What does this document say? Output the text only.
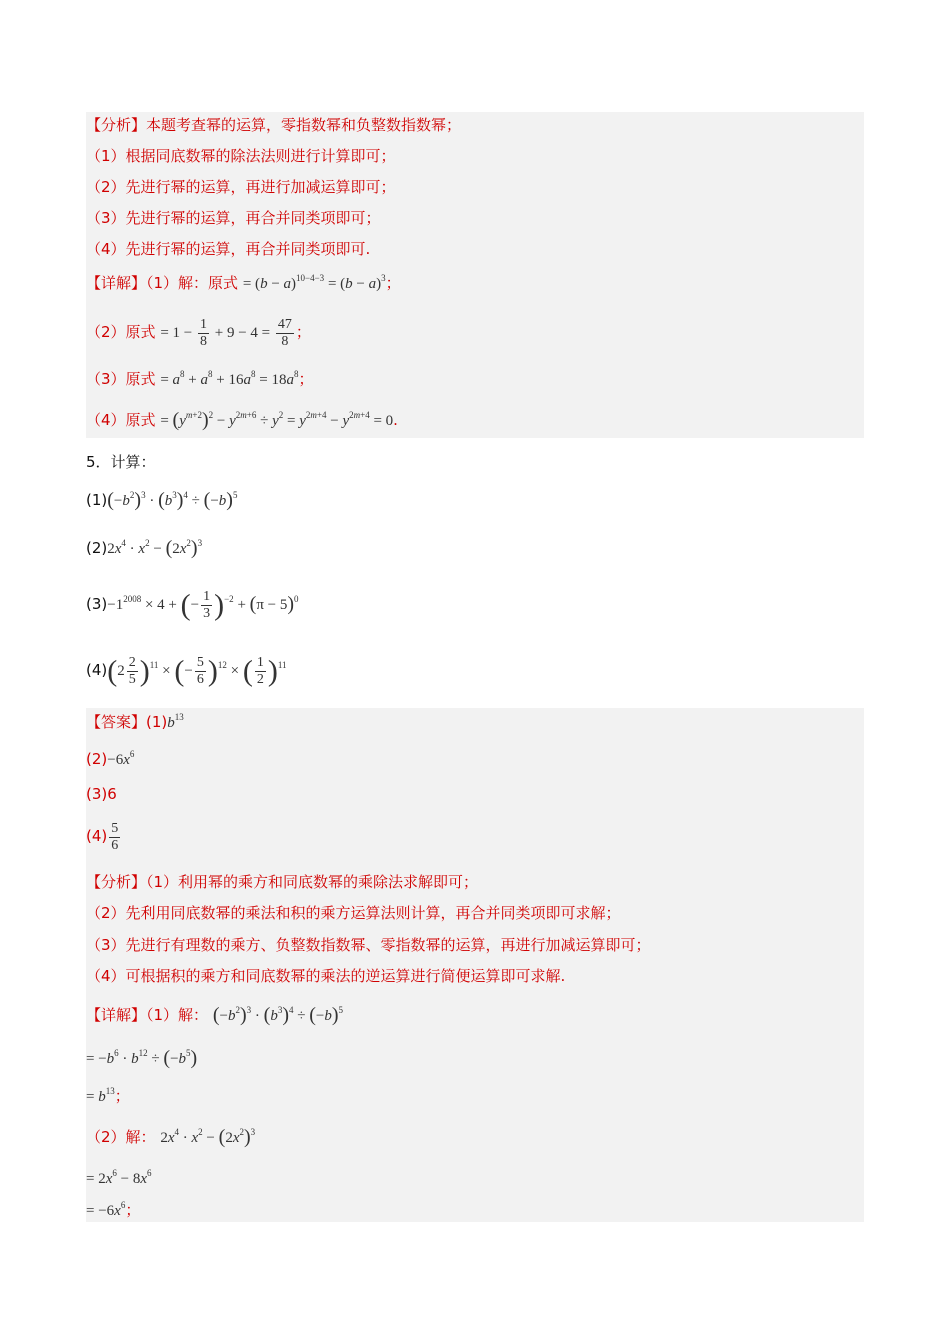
【分析】本题考查幂的运算，零指数幂和负整数指数幂；
（1）根据同底数幂的除法法则进行计算即可；
（2）先进行幂的运算，再进行加减运算即可；
（3）先进行幂的运算，再合并同类项即可；
（4）先进行幂的运算，再合并同类项即可.
【详解】（1）解：原式 = $(b - a)^{10-4-3} = (b - a)^3$；
（2）原式 = $1 - \frac{1}{8} + 9 - 4 = \frac{47}{8}$ ；
（3）原式 = $a^8 + a^8 + 16a^8 = 18a^8$；
（4）原式 = $(y^{m+2})^2 - y^{2m+6} \div y^2 = y^{2m+4} - y^{2m+4} = 0$.
5．计算：
$(1)(-b^2)^3 \cdot (b^3)^4 \div (-b)^5$
$(2)2x^4 \cdot x^2 - (2x^2)^3$
$(3)-1^{2008} \times 4$ + (− $\frac{1}{3} )^{-2} + (\pi - 5)^0$
$(4)(2 \frac{2}{5} )^{11}$ × (− $\frac{5}{6} )^{12}$ × ( $\frac{1}{2} )^{11}$
【答案】$(1)b^{13}$
$(2)-6x^6$
(3)6
$(4) \frac{5}{6}$
【分析】（1）利用幂的乘方和同底数幂的乘除法求解即可；
（2）先利用同底数幂的乘法和积的乘方运算法则计算，再合并同类项即可求解；
（3）先进行有理数的乘方、负整数指数幂、零指数幂的运算，再进行加减运算即可；
（4）可根据积的乘方和同底数幂的乘法的逆运算进行简便运算即可求解.
【详解】（1）解： $(-b^2)^3 \cdot (b^3)^4 \div (-b)^5$
= $-b^6 \cdot b^{12} \div (-b^5)$
= $b^{13}$；
（2）解： $2x^4 \cdot x^2 - (2x^2)^3$
= $2x^6 - 8x^6$
= $-6x^6$；
